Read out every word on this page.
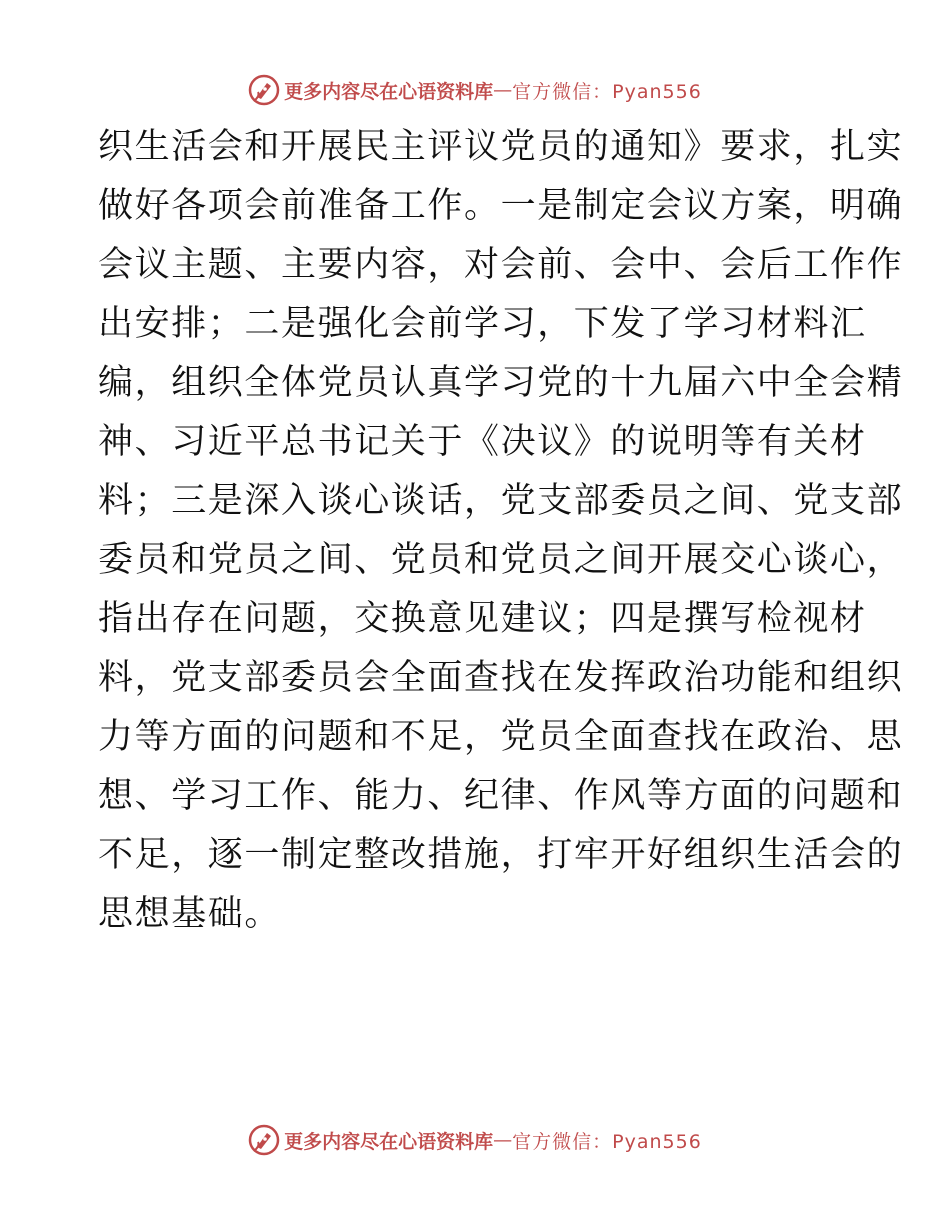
更多内容尽在心语资料库 — 官方微信：Pyan556
织生活会和开展民主评议党员的通知》要求，扎实
做好各项会前准备工作。一是制定会议方案，明确
会议主题、主要内容，对会前、会中、会后工作作
出安排；二是强化会前学习，下发了学习材料汇
编，组织全体党员认真学习党的十九届六中全会精
神、习近平总书记关于《决议》的说明等有关材
料；三是深入谈心谈话，党支部委员之间、党支部
委员和党员之间、党员和党员之间开展交心谈心，
指出存在问题，交换意见建议；四是撰写检视材
料，党支部委员会全面查找在发挥政治功能和组织
力等方面的问题和不足，党员全面查找在政治、思
想、学习工作、能力、纪律、作风等方面的问题和
不足，逐一制定整改措施，打牢开好组织生活会的
思想基础。
更多内容尽在心语资料库 — 官方微信：Pyan556
